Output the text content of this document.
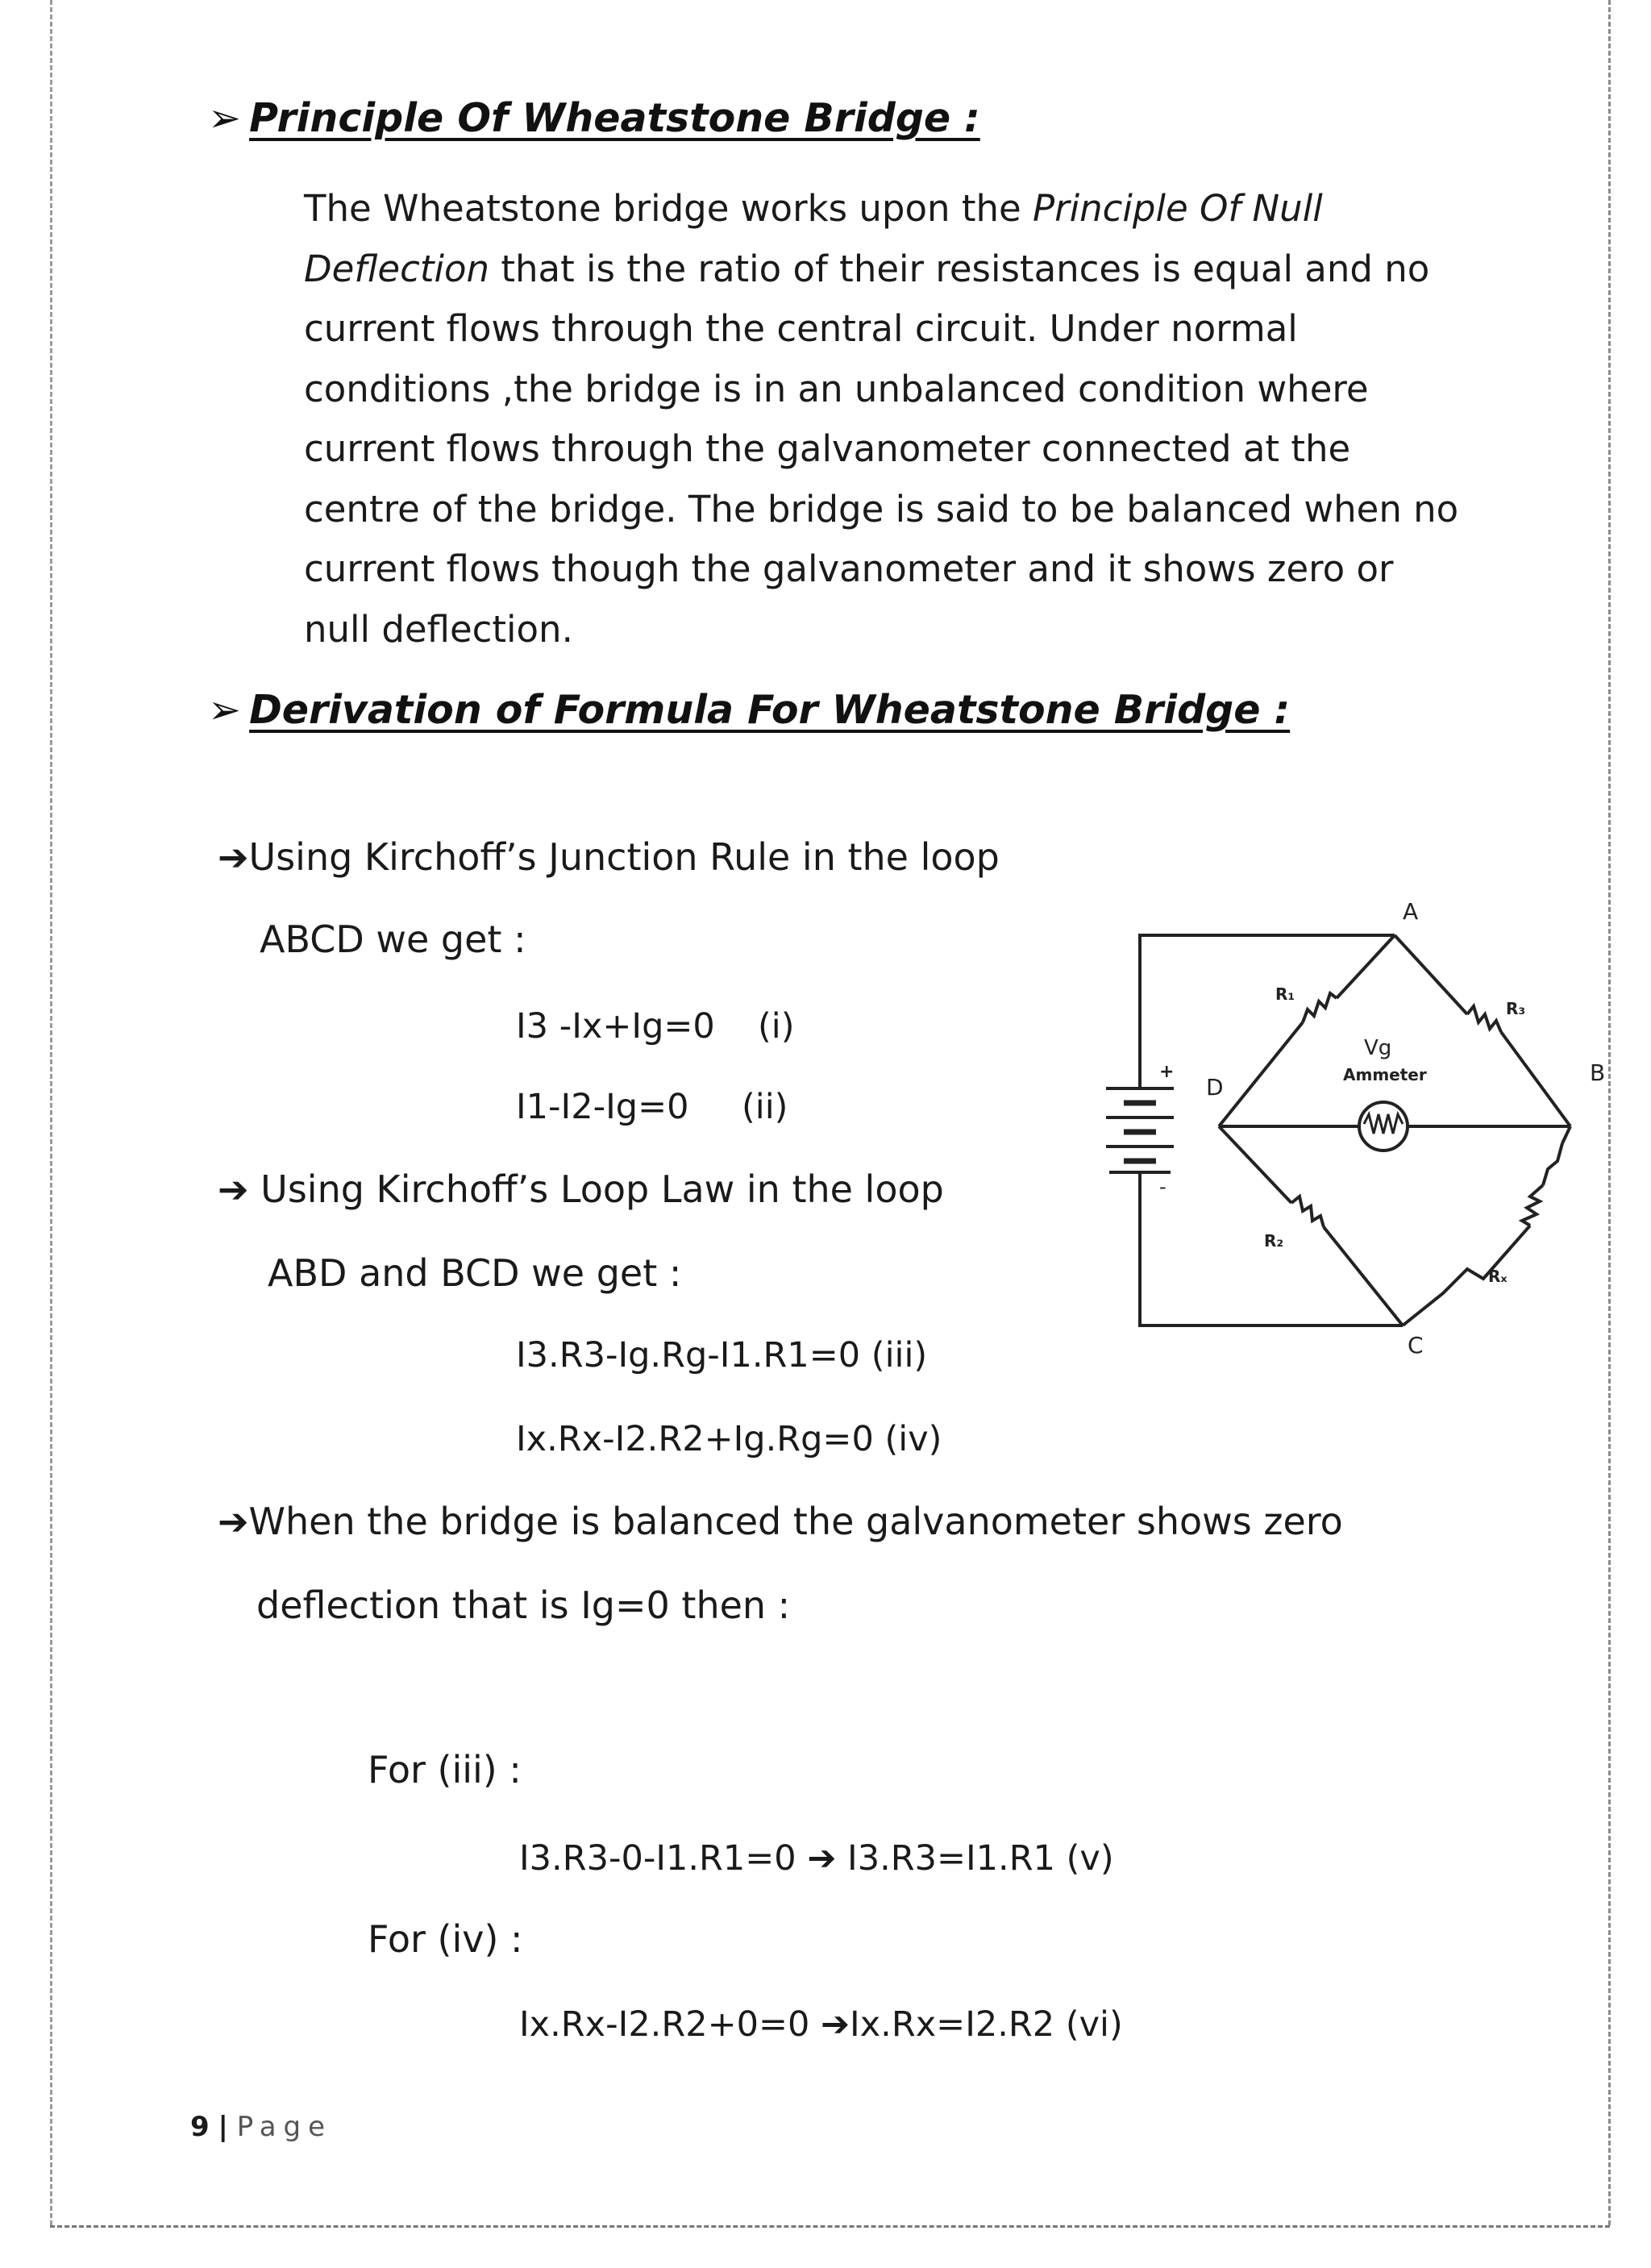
➢ Principle Of Wheatstone Bridge :

The Wheatstone bridge works upon the Principle Of Null
Deflection that is the ratio of their resistances is equal and no
current flows through the central circuit. Under normal
conditions ,the bridge is in an unbalanced condition where
current flows through the galvanometer connected at the
centre of the bridge. The bridge is said to be balanced when no
current flows though the galvanometer and it shows zero or
null deflection.

➢ Derivation of Formula For Wheatstone Bridge :

➔Using Kirchoff’s Junction Rule in the loop

ABCD we get :

I3 -Ix+Ig=0 (i)

I1-I2-Ig=0 (ii)

➔ Using Kirchoff’s Loop Law in the loop

ABD and BCD we get :

I3.R3-Ig.Rg-I1.R1=0 (iii)

Ix.Rx-I2.R2+Ig.Rg=0 (iv)

➔When the bridge is balanced the galvanometer shows zero

deflection that is Ig=0 then :

For (iii) :

I3.R3-0-I1.R1=0 ➔ I3.R3=I1.R1 (v)

For (iv) :

Ix.Rx-I2.R2+0=0 ➔Ix.Rx=I2.R2 (vi)

A
B
C
D
R₁
R₃
R₂
Rₓ
Vg
Ammeter
+
-
9 | Page
